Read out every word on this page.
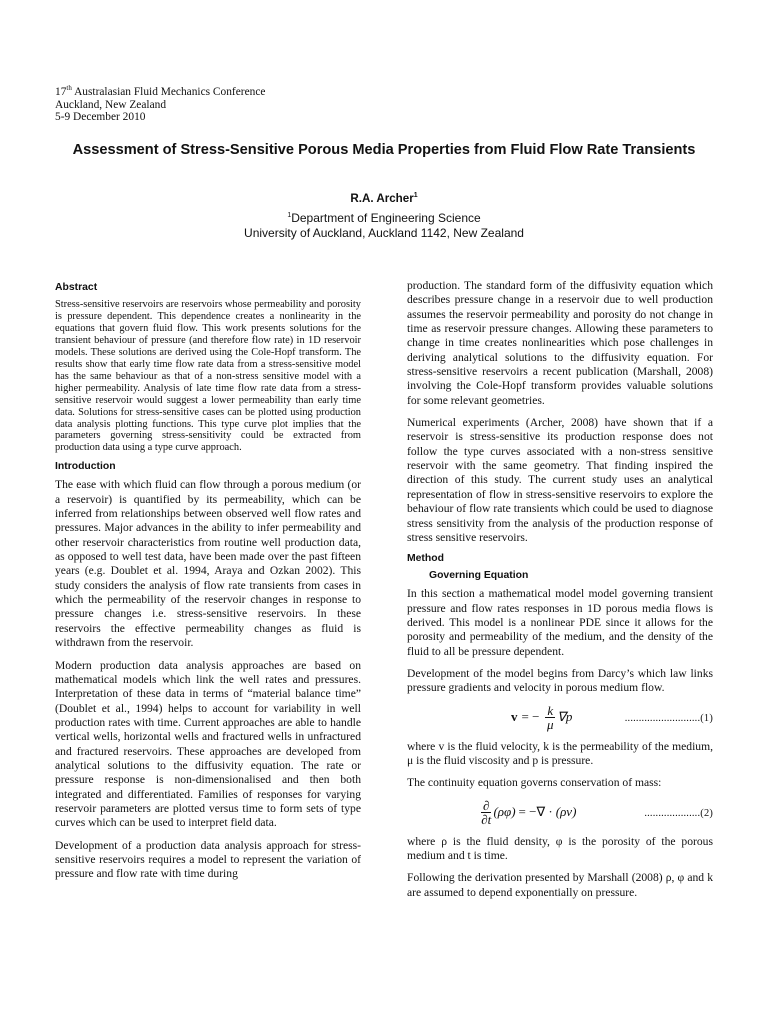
17th Australasian Fluid Mechanics Conference
Auckland, New Zealand
5-9 December 2010
Assessment of Stress-Sensitive Porous Media Properties from Fluid Flow Rate Transients
R.A. Archer$^1$
$^1$Department of Engineering Science
University of Auckland, Auckland 1142, New Zealand
Abstract
Stress-sensitive reservoirs are reservoirs whose permeability and porosity is pressure dependent. This dependence creates a nonlinearity in the equations that govern fluid flow. This work presents solutions for the transient behaviour of pressure (and therefore flow rate) in 1D reservoir models. These solutions are derived using the Cole-Hopf transform. The results show that early time flow rate data from a stress-sensitive model has the same behaviour as that of a non-stress sensitive model with a higher permeability. Analysis of late time flow rate data from a stress-sensitive reservoir would suggest a lower permeability than early time data. Solutions for stress-sensitive cases can be plotted using production data analysis plotting functions. This type curve plot implies that the parameters governing stress-sensitivity could be extracted from production data using a type curve approach.
Introduction
The ease with which fluid can flow through a porous medium (or a reservoir) is quantified by its permeability, which can be inferred from relationships between observed well flow rates and pressures. Major advances in the ability to infer permeability and other reservoir characteristics from routine well production data, as opposed to well test data, have been made over the past fifteen years (e.g. Doublet et al. 1994, Araya and Ozkan 2002). This study considers the analysis of flow rate transients from cases in which the permeability of the reservoir changes in response to pressure changes i.e. stress-sensitive reservoirs. In these reservoirs the effective permeability changes as fluid is withdrawn from the reservoir.
Modern production data analysis approaches are based on mathematical models which link the well rates and pressures. Interpretation of these data in terms of “material balance time” (Doublet et al., 1994) helps to account for variability in well production rates with time. Current approaches are able to handle vertical wells, horizontal wells and fractured wells in unfractured and fractured reservoirs. These approaches are developed from analytical solutions to the diffusivity equation. The rate or pressure response is non-dimensionalised and then both integrated and differentiated. Families of responses for varying reservoir parameters are plotted versus time to form sets of type curves which can be used to interpret field data.
Development of a production data analysis approach for stress-sensitive reservoirs requires a model to represent the variation of pressure and flow rate with time during
production. The standard form of the diffusivity equation which describes pressure change in a reservoir due to well production assumes the reservoir permeability and porosity do not change in time as reservoir pressure changes. Allowing these parameters to change in time creates nonlinearities which pose challenges in deriving analytical solutions to the diffusivity equation. For stress-sensitive reservoirs a recent publication (Marshall, 2008) involving the Cole-Hopf transform provides valuable solutions for some relevant geometries.
Numerical experiments (Archer, 2008) have shown that if a reservoir is stress-sensitive its production response does not follow the type curves associated with a non-stress sensitive reservoir with the same geometry. That finding inspired the direction of this study. The current study uses an analytical representation of flow in stress-sensitive reservoirs to explore the behaviour of flow rate transients which could be used to diagnose stress sensitivity from the analysis of the production response of stress sensitive reservoirs.
Method
Governing Equation
In this section a mathematical model model governing transient pressure and flow rates responses in 1D porous media flows is derived. This model is a nonlinear PDE since it allows for the porosity and permeability of the medium, and the density of the fluid to all be pressure dependent.
Development of the model begins from Darcy’s which law links pressure gradients and velocity in porous medium flow.
v = − $\frac{k}{\mu} \nabla p$	...........................(1)
where v is the fluid velocity, k is the permeability of the medium, μ is the fluid viscosity and p is pressure.
The continuity equation governs conservation of mass:
$\frac{\partial}{\partial t} (\rho\varphi)$ = −∇ · (ρv)	....................(2)
where ρ is the fluid density, φ is the porosity of the porous medium and t is time.
Following the derivation presented by Marshall (2008) ρ, φ and k are assumed to depend exponentially on pressure.
